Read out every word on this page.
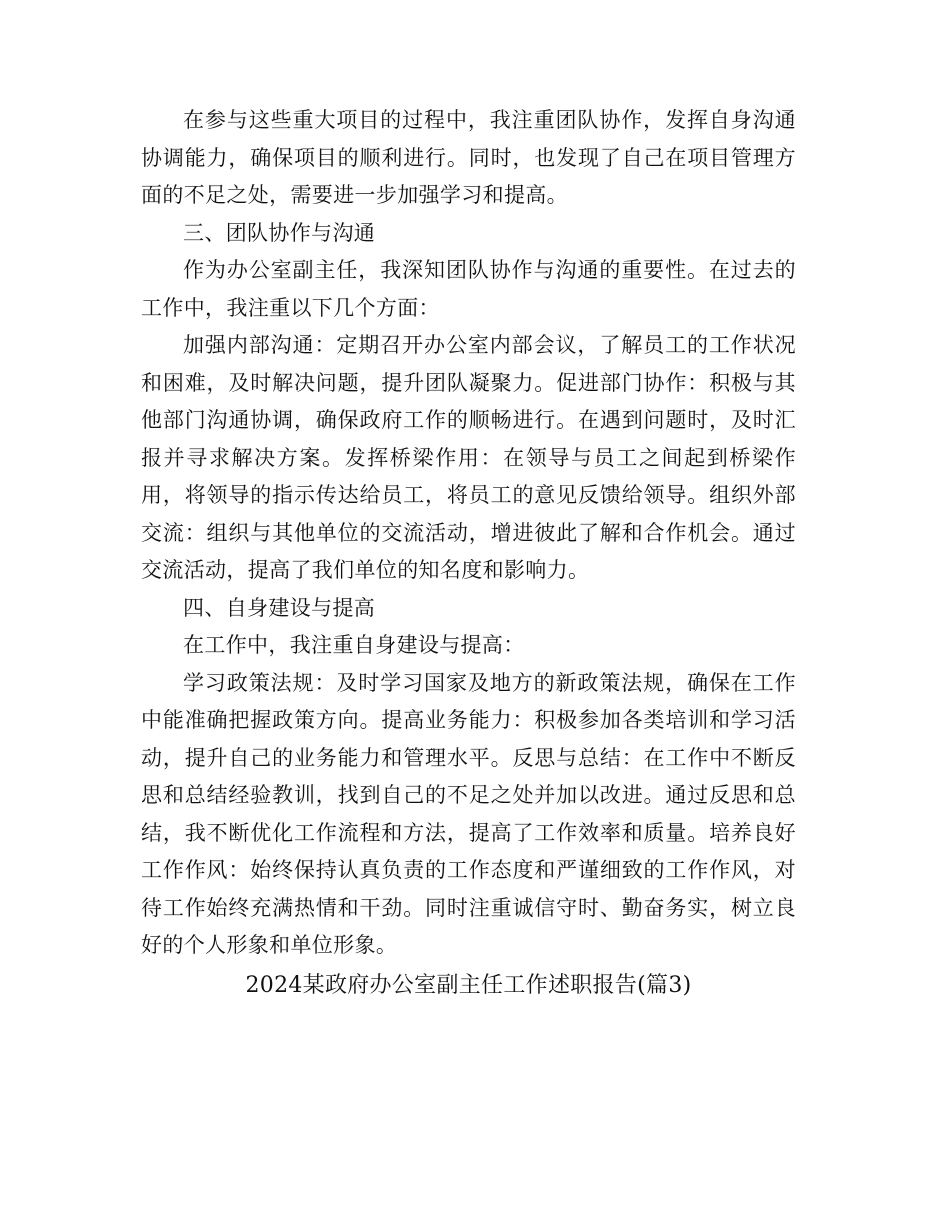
在参与这些重大项目的过程中，我注重团队协作，发挥自身沟通协调能力，确保项目的顺利进行。同时，也发现了自己在项目管理方面的不足之处，需要进一步加强学习和提高。

三、团队协作与沟通

作为办公室副主任，我深知团队协作与沟通的重要性。在过去的工作中，我注重以下几个方面：

加强内部沟通：定期召开办公室内部会议，了解员工的工作状况和困难，及时解决问题，提升团队凝聚力。促进部门协作：积极与其他部门沟通协调，确保政府工作的顺畅进行。在遇到问题时，及时汇报并寻求解决方案。发挥桥梁作用：在领导与员工之间起到桥梁作用，将领导的指示传达给员工，将员工的意见反馈给领导。组织外部交流：组织与其他单位的交流活动，增进彼此了解和合作机会。通过交流活动，提高了我们单位的知名度和影响力。

四、自身建设与提高

在工作中，我注重自身建设与提高：

学习政策法规：及时学习国家及地方的新政策法规，确保在工作中能准确把握政策方向。提高业务能力：积极参加各类培训和学习活动，提升自己的业务能力和管理水平。反思与总结：在工作中不断反思和总结经验教训，找到自己的不足之处并加以改进。通过反思和总结，我不断优化工作流程和方法，提高了工作效率和质量。培养良好工作作风：始终保持认真负责的工作态度和严谨细致的工作作风，对待工作始终充满热情和干劲。同时注重诚信守时、勤奋务实，树立良好的个人形象和单位形象。

2024某政府办公室副主任工作述职报告(篇3)
